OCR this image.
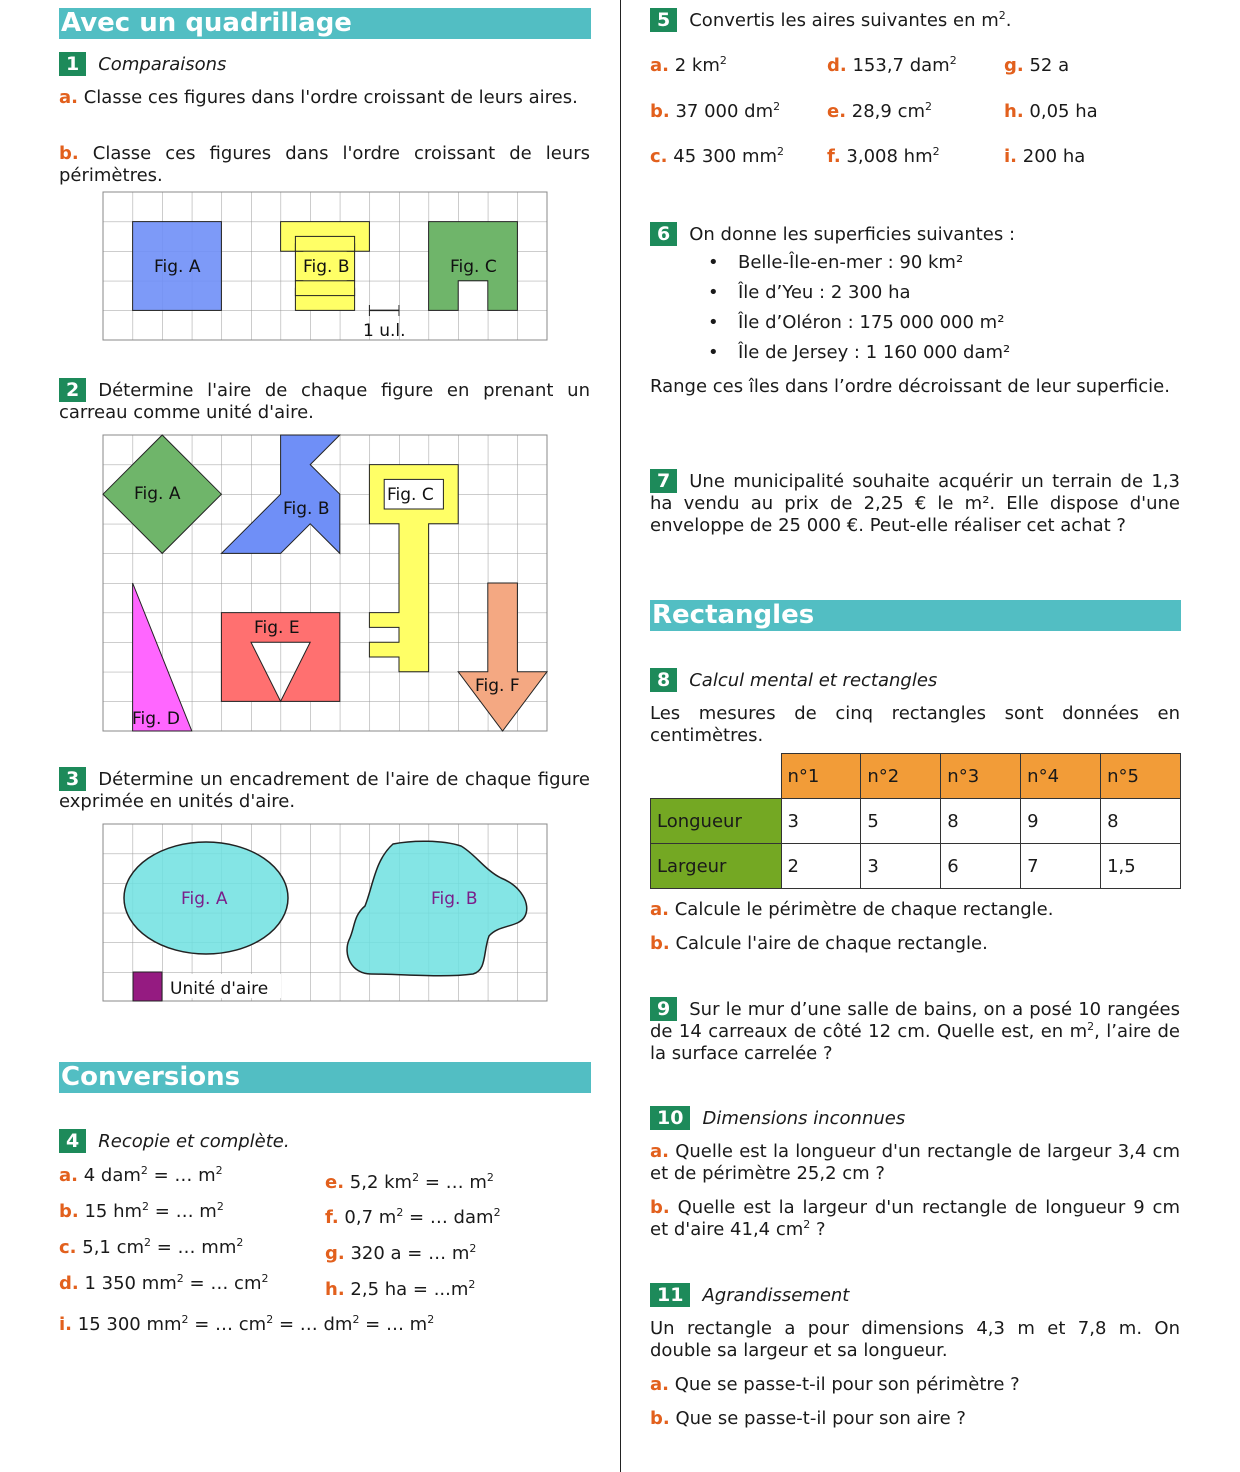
Avec un quadrillage
1 Comparaisons
a. Classe ces figures dans l'ordre croissant de leurs aires.
b. Classe ces figures dans l'ordre croissant de leurs périmètres.
Fig. A	Fig. B	Fig. C
1 u.l.
2 Détermine l'aire de chaque figure en prenant un carreau comme unité d'aire.
Fig. A
Fig. B
Fig. C
Fig. D
Fig. E
Fig. F
3 Détermine un encadrement de l'aire de chaque figure exprimée en unités d'aire.
Fig. A	Fig. B
Unité d'aire
Conversions
4 Recopie et complète.
a. 4 dam$^2$ = … $m^2$
b. 15 $hm^2$ = … $m^2$
c. 5,1 $cm^2$ = … $mm^2$
d. 1 350 $mm^2$ = … $cm^2$
e. 5,2 $km^2$ = … $m^2$
f. 0,7 $m^2$ = … dam$^2$
g. 320 a = … $m^2$
h. 2,5 ha = $...m^2$
i. 15 300 $mm^2$ = … $cm^2$ = … $dm^2$ = … $m^2$
5 Convertis les aires suivantes en $m^2$.
a. 2 $km^2$
b. 37 000 $dm^2$
c. 45 300 $mm^2$
d. 153,7 dam$^2$
e. 28,9 $cm^2$
f. 3,008 $hm^2$
g. 52 a
h. 0,05 ha
i. 200 ha
6 On donne les superficies suivantes :
• Belle-Île-en-mer : 90 km²
• Île d’Yeu : 2 300 ha
• Île d’Oléron : 175 000 000 m²
• Île de Jersey : 1 160 000 dam²
Range ces îles dans l’ordre décroissant de leur superficie.
7 Une municipalité souhaite acquérir un terrain de 1,3 ha vendu au prix de 2,25 € le m². Elle dispose d'une enveloppe de 25 000 €. Peut-elle réaliser cet achat ?
Rectangles
8 Calcul mental et rectangles
Les mesures de cinq rectangles sont données en centimètres.
	n°1	n°2	n°3	n°4	n°5
Longueur	3	5	8	9	8
Largeur	2	3	6	7	1,5
a. Calcule le périmètre de chaque rectangle.
b. Calcule l'aire de chaque rectangle.
9 Sur le mur d’une salle de bains, on a posé 10 rangées de 14 carreaux de côté 12 cm. Quelle est, en $m^2$, l’aire de la surface carrelée ?
10 Dimensions inconnues
a. Quelle est la longueur d'un rectangle de largeur 3,4 cm et de périmètre 25,2 cm ?
b. Quelle est la largeur d'un rectangle de longueur 9 cm et d'aire 41,4 $cm^2$ ?
11 Agrandissement
Un rectangle a pour dimensions 4,3 m et 7,8 m. On double sa largeur et sa longueur.
a. Que se passe-t-il pour son périmètre ?
b. Que se passe-t-il pour son aire ?
